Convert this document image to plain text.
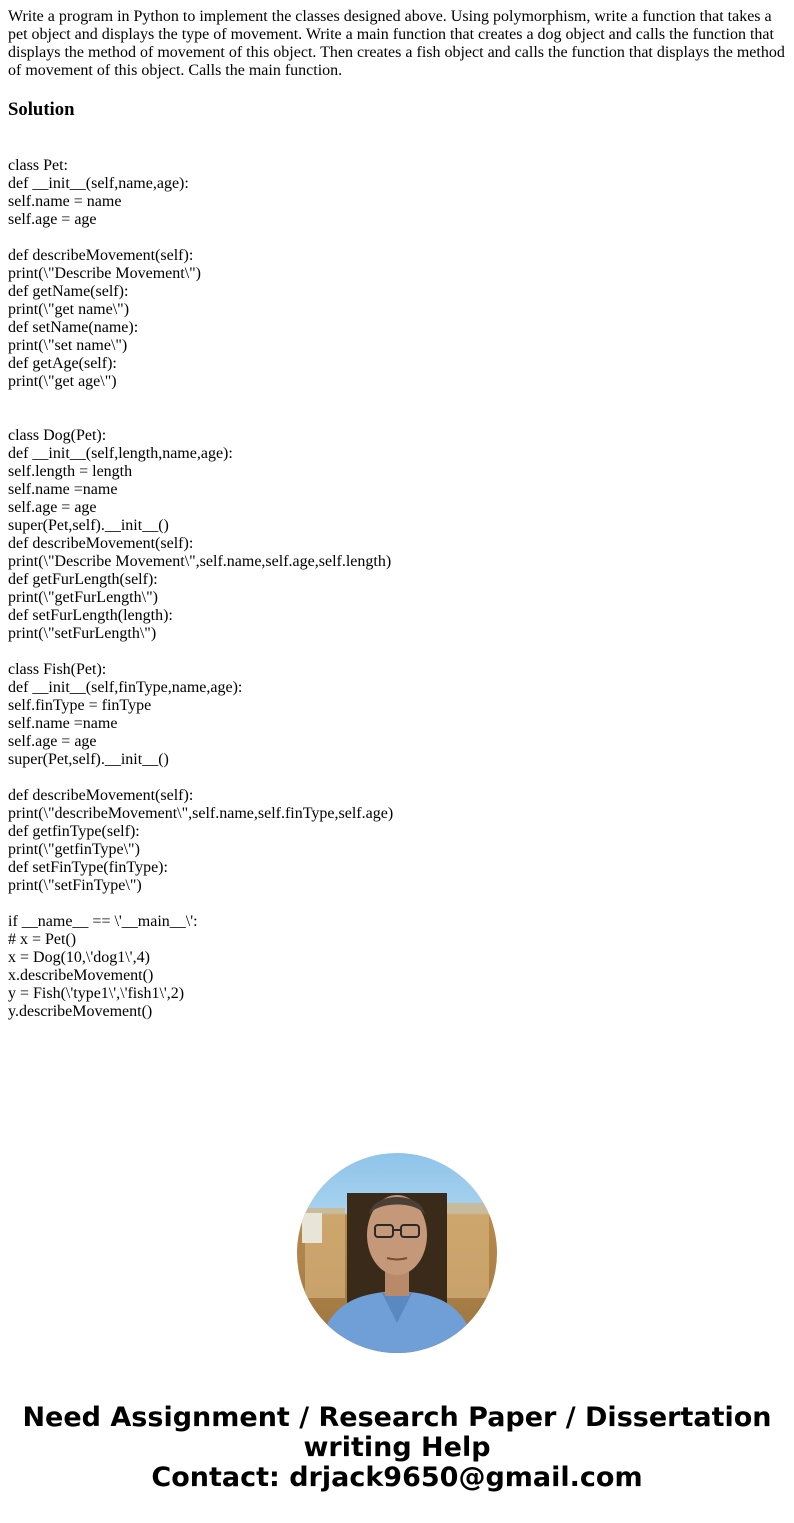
Write a program in Python to implement the classes designed above. Using polymorphism, write a function that takes a pet object and displays the type of movement. Write a main function that creates a dog object and calls the function that displays the method of movement of this object. Then creates a fish object and calls the function that displays the method of movement of this object. Calls the main function.

Solution
class Pet:
def __init__(self,name,age):
self.name = name
self.age = age
def describeMovement(self):
print(\"Describe Movement\")
def getName(self):
print(\"get name\")
def setName(name):
print(\"set name\")
def getAge(self):
print(\"get age\")
class Dog(Pet):
def __init__(self,length,name,age):
self.length = length
self.name =name
self.age = age
super(Pet,self).__init__()
def describeMovement(self):
print(\"Describe Movement\",self.name,self.age,self.length)
def getFurLength(self):
print(\"getFurLength\")
def setFurLength(length):
print(\"setFurLength\")
class Fish(Pet):
def __init__(self,finType,name,age):
self.finType = finType
self.name =name
self.age = age
super(Pet,self).__init__()
def describeMovement(self):
print(\"describeMovement\",self.name,self.finType,self.age)
def getfinType(self):
print(\"getfinType\")
def setFinType(finType):
print(\"setFinType\")
if __name__ == \'__main__\':
# x = Pet()
x = Dog(10,\'dog1\',4)
x.describeMovement()
y = Fish(\'type1\',\'fish1\',2)
y.describeMovement()
Need Assignment / Research Paper / Dissertation
writing Help
Contact: drjack9650@gmail.com
